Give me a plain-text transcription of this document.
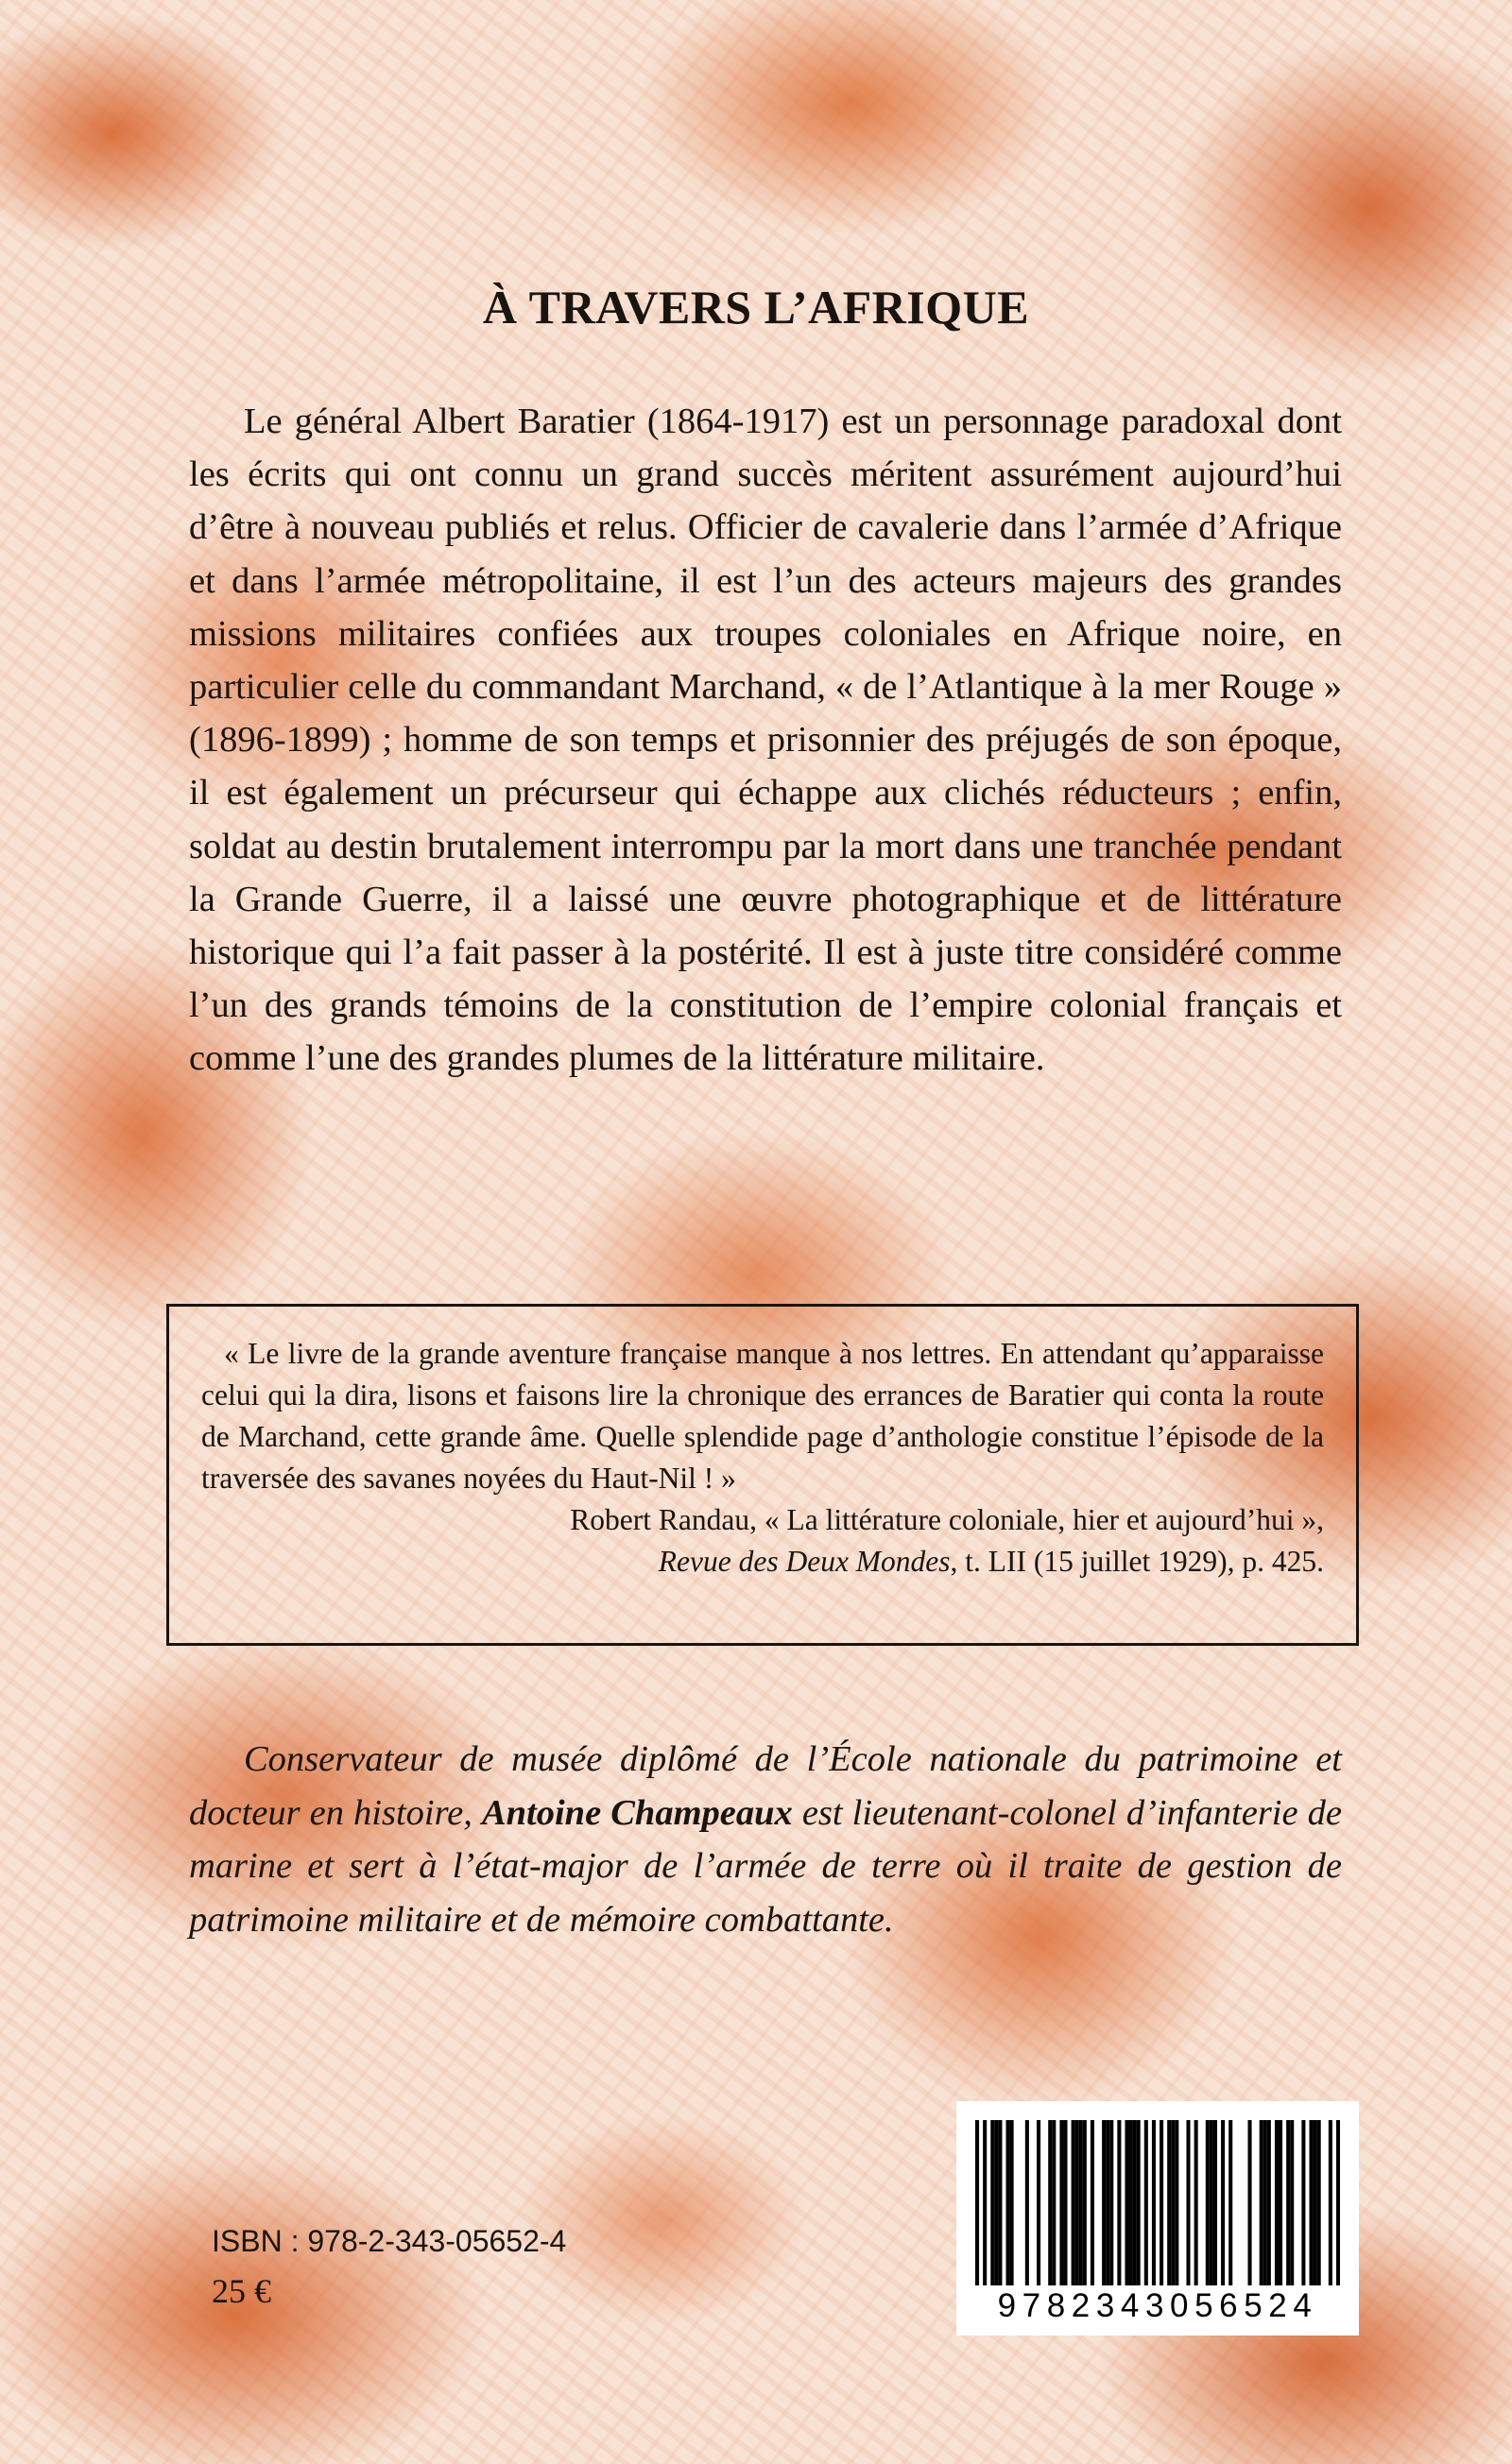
À TRAVERS L’AFRIQUE

Le général Albert Baratier (1864-1917) est un personnage paradoxal dont les écrits qui ont connu un grand succès méritent assurément aujourd’hui d’être à nouveau publiés et relus. Officier de cavalerie dans l’armée d’Afrique et dans l’armée métropolitaine, il est l’un des acteurs majeurs des grandes missions militaires confiées aux troupes coloniales en Afrique noire, en particulier celle du commandant Marchand, « de l’Atlantique à la mer Rouge » (1896-1899) ; homme de son temps et prisonnier des préjugés de son époque, il est également un précurseur qui échappe aux clichés réducteurs ; enfin, soldat au destin brutalement interrompu par la mort dans une tranchée pendant la Grande Guerre, il a laissé une œuvre photographique et de littérature historique qui l’a fait passer à la postérité. Il est à juste titre considéré comme l’un des grands témoins de la constitution de l’empire colonial français et comme l’une des grandes plumes de la littérature militaire.

« Le livre de la grande aventure française manque à nos lettres. En attendant qu’apparaisse celui qui la dira, lisons et faisons lire la chronique des errances de Baratier qui conta la route de Marchand, cette grande âme. Quelle splendide page d’anthologie constitue l’épisode de la traversée des savanes noyées du Haut-Nil ! »

Robert Randau, « La littérature coloniale, hier et aujourd’hui »,

Revue des Deux Mondes, t. LII (15 juillet 1929), p. 425.

Conservateur de musée diplômé de l’École nationale du patrimoine et docteur en histoire, Antoine Champeaux est lieutenant-colonel d’infanterie de marine et sert à l’état-major de l’armée de terre où il traite de gestion de patrimoine militaire et de mémoire combattante.

ISBN : 978-2-343-05652-4
25 €	9782343056524
